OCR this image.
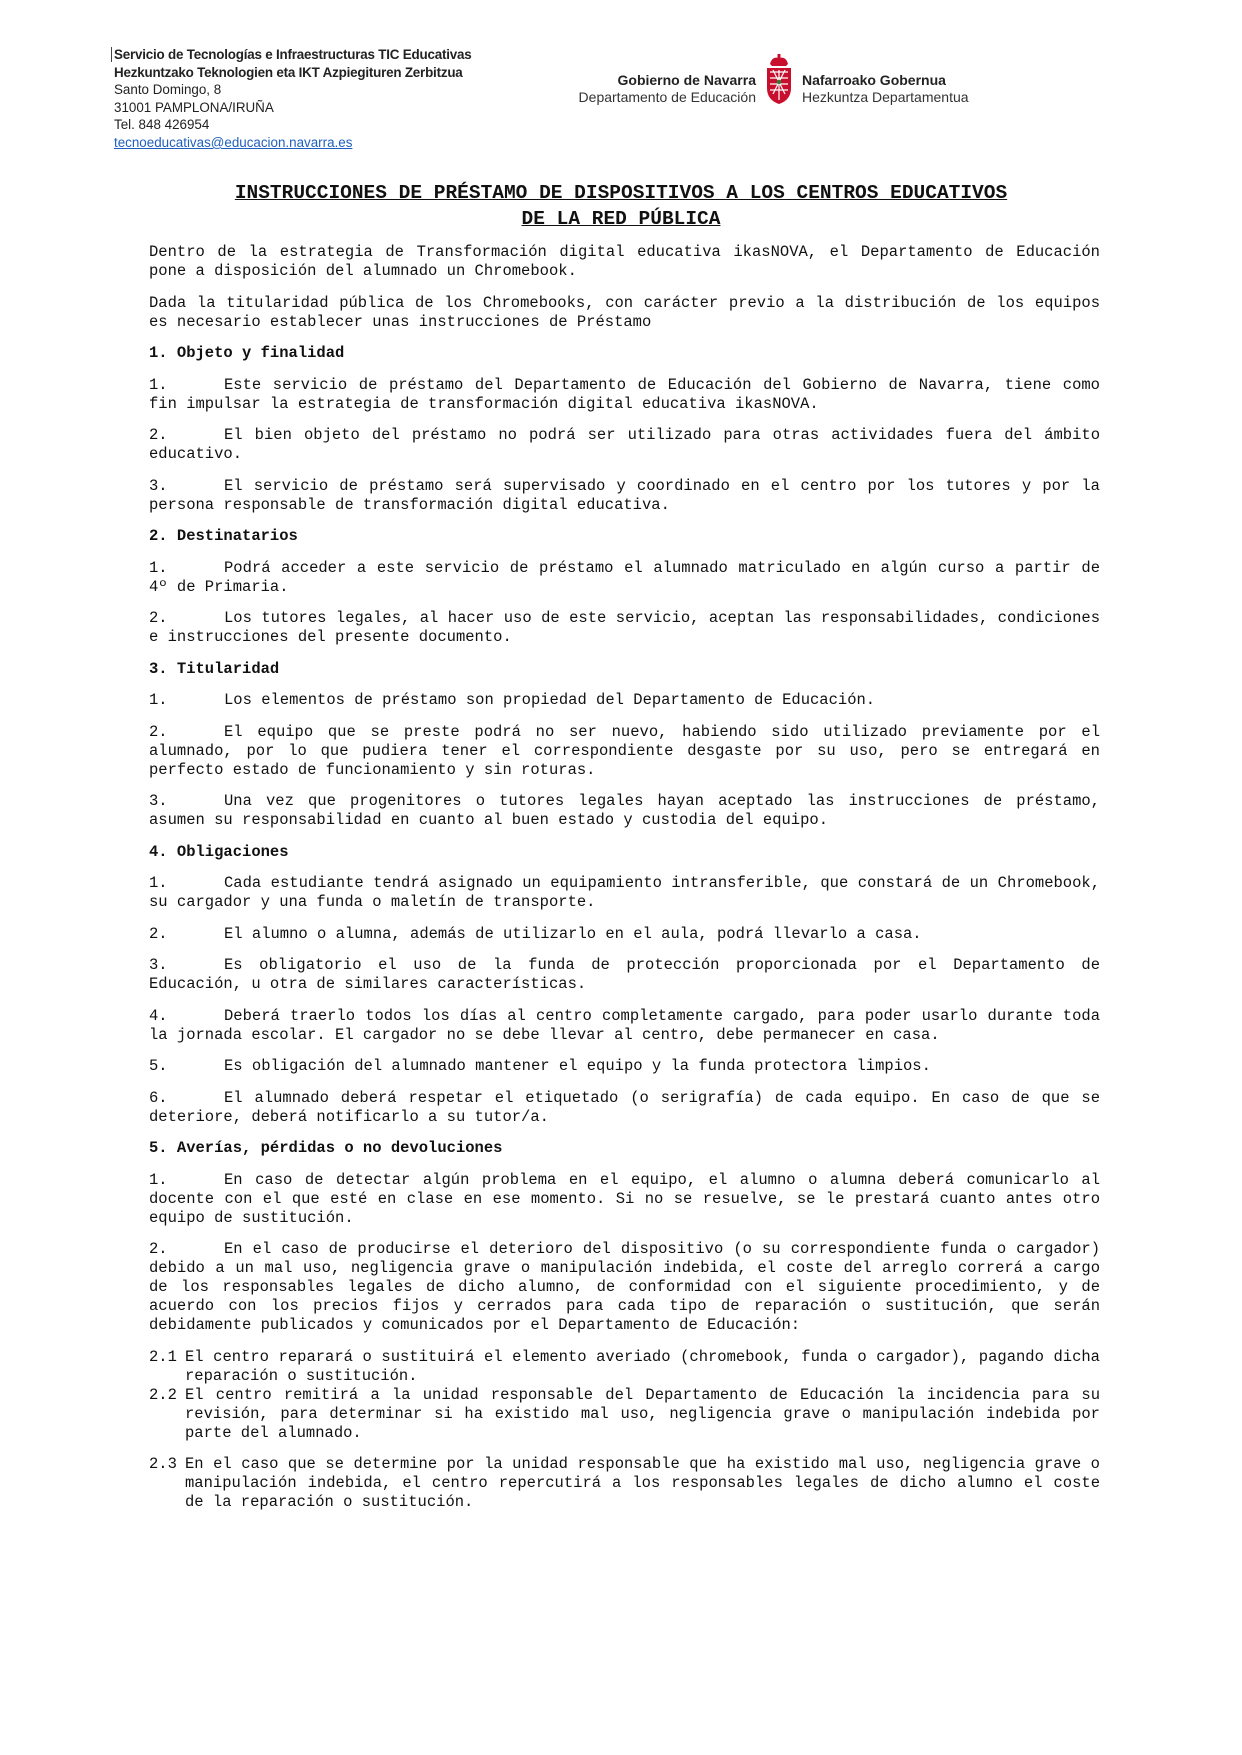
Servicio de Tecnologías e Infraestructuras TIC Educativas
Hezkuntzako Teknologien eta IKT Azpiegituren Zerbitzua
Santo Domingo, 8
31001 PAMPLONA/IRUÑA
Tel. 848 426954
tecnoeducativas@educacion.navarra.es
Gobierno de Navarra
Departamento de Educación
Nafarroako Gobernua
Hezkuntza Departamentua
INSTRUCCIONES DE PRÉSTAMO DE DISPOSITIVOS A LOS CENTROS EDUCATIVOS
DE LA RED PÚBLICA

Dentro de la estrategia de Transformación digital educativa ikasNOVA, el Departamento de Educación pone a disposición del alumnado un Chromebook.

Dada la titularidad pública de los Chromebooks, con carácter previo a la distribución de los equipos es necesario establecer unas instrucciones de Préstamo

1. Objeto y finalidad

1.	Este servicio de préstamo del Departamento de Educación del Gobierno de Navarra, tiene como fin impulsar la estrategia de transformación digital educativa ikasNOVA.

2.	El bien objeto del préstamo no podrá ser utilizado para otras actividades fuera del ámbito educativo.

3.	El servicio de préstamo será supervisado y coordinado en el centro por los tutores y por la persona responsable de transformación digital educativa.

2. Destinatarios

1.	Podrá acceder a este servicio de préstamo el alumnado matriculado en algún curso a partir de 4º de Primaria.

2.	Los tutores legales, al hacer uso de este servicio, aceptan las responsabilidades, condiciones e instrucciones del presente documento.

3. Titularidad

1.	Los elementos de préstamo son propiedad del Departamento de Educación.

2.	El equipo que se preste podrá no ser nuevo, habiendo sido utilizado previamente por el alumnado, por lo que pudiera tener el correspondiente desgaste por su uso, pero se entregará en perfecto estado de funcionamiento y sin roturas.

3.	Una vez que progenitores o tutores legales hayan aceptado las instrucciones de préstamo, asumen su responsabilidad en cuanto al buen estado y custodia del equipo.

4. Obligaciones

1.	Cada estudiante tendrá asignado un equipamiento intransferible, que constará de un Chromebook, su cargador y una funda o maletín de transporte.

2.	El alumno o alumna, además de utilizarlo en el aula, podrá llevarlo a casa.

3.	Es obligatorio el uso de la funda de protección proporcionada por el Departamento de Educación, u otra de similares características.

4.	Deberá traerlo todos los días al centro completamente cargado, para poder usarlo durante toda la jornada escolar. El cargador no se debe llevar al centro, debe permanecer en casa.

5.	Es obligación del alumnado mantener el equipo y la funda protectora limpios.

6.	El alumnado deberá respetar el etiquetado (o serigrafía) de cada equipo. En caso de que se deteriore, deberá notificarlo a su tutor/a.

5. Averías, pérdidas o no devoluciones

1.	En caso de detectar algún problema en el equipo, el alumno o alumna deberá comunicarlo al docente con el que esté en clase en ese momento. Si no se resuelve, se le prestará cuanto antes otro equipo de sustitución.

2.	En el caso de producirse el deterioro del dispositivo (o su correspondiente funda o cargador) debido a un mal uso, negligencia grave o manipulación indebida, el coste del arreglo correrá a cargo de los responsables legales de dicho alumno, de conformidad con el siguiente procedimiento, y de acuerdo con los precios fijos y cerrados para cada tipo de reparación o sustitución, que serán debidamente publicados y comunicados por el Departamento de Educación:

2.1 El centro reparará o sustituirá el elemento averiado (chromebook, funda o cargador), pagando dicha reparación o sustitución.

2.2 El centro remitirá a la unidad responsable del Departamento de Educación la incidencia para su revisión, para determinar si ha existido mal uso, negligencia grave o manipulación indebida por parte del alumnado.

2.3 En el caso que se determine por la unidad responsable que ha existido mal uso, negligencia grave o manipulación indebida, el centro repercutirá a los responsables legales de dicho alumno el coste de la reparación o sustitución.
